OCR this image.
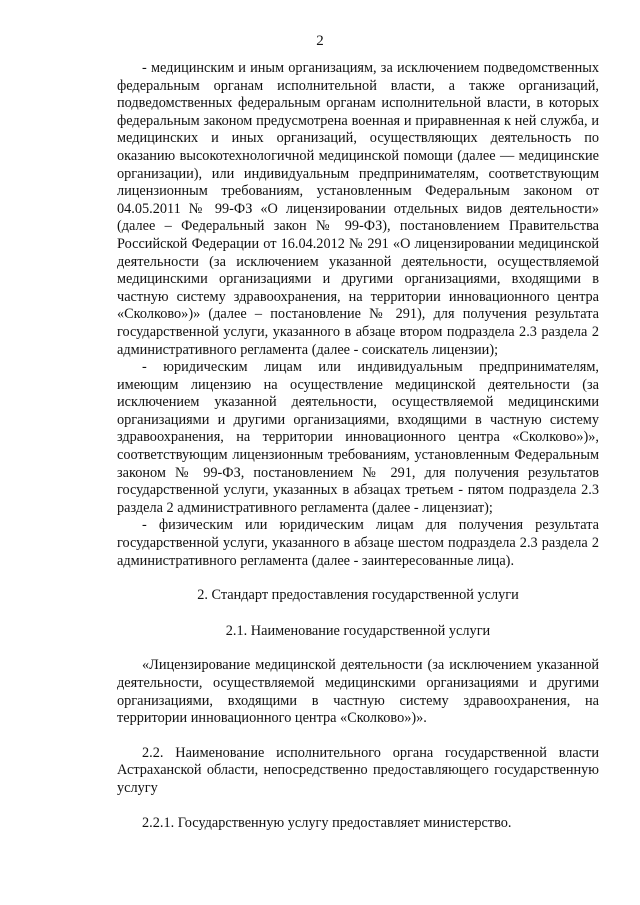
2

- медицинским и иным организациям, за исключением подведомственных федеральным органам исполнительной власти, а также организаций, подведомственных федеральным органам исполнительной власти, в которых федеральным законом предусмотрена военная и приравненная к ней служба, и медицинских и иных организаций, осуществляющих деятельность по оказанию высокотехнологичной медицинской помощи (далее — медицинские организации), или индивидуальным предпринимателям, соответствующим лицензионным требованиям, установленным Федеральным законом от 04.05.2011 № 99-ФЗ «О лицензировании отдельных видов деятельности» (далее – Федеральный закон № 99-ФЗ), постановлением Правительства Российской Федерации от 16.04.2012 № 291 «О лицензировании медицинской деятельности (за исключением указанной деятельности, осуществляемой медицинскими организациями и другими организациями, входящими в частную систему здравоохранения, на территории инновационного центра «Сколково»)» (далее – постановление № 291), для получения результата государственной услуги, указанного в абзаце втором подраздела 2.3 раздела 2 административного регламента (далее - соискатель лицензии);

- юридическим лицам или индивидуальным предпринимателям, имеющим лицензию на осуществление медицинской деятельности (за исключением указанной деятельности, осуществляемой медицинскими организациями и другими организациями, входящими в частную систему здравоохранения, на территории инновационного центра «Сколково»)», соответствующим лицензионным требованиям, установленным Федеральным законом № 99-ФЗ, постановлением № 291, для получения результатов государственной услуги, указанных в абзацах третьем - пятом подраздела 2.3 раздела 2 административного регламента (далее - лицензиат);

- физическим или юридическим лицам для получения результата государственной услуги, указанного в абзаце шестом подраздела 2.3 раздела 2 административного регламента (далее - заинтересованные лица).

2. Стандарт предоставления государственной услуги

2.1. Наименование государственной услуги

«Лицензирование медицинской деятельности (за исключением указанной деятельности, осуществляемой медицинскими организациями и другими организациями, входящими в частную систему здравоохранения, на территории инновационного центра «Сколково»)».

2.2. Наименование исполнительного органа государственной власти Астраханской области, непосредственно предоставляющего государственную услугу

2.2.1. Государственную услугу предоставляет министерство.
